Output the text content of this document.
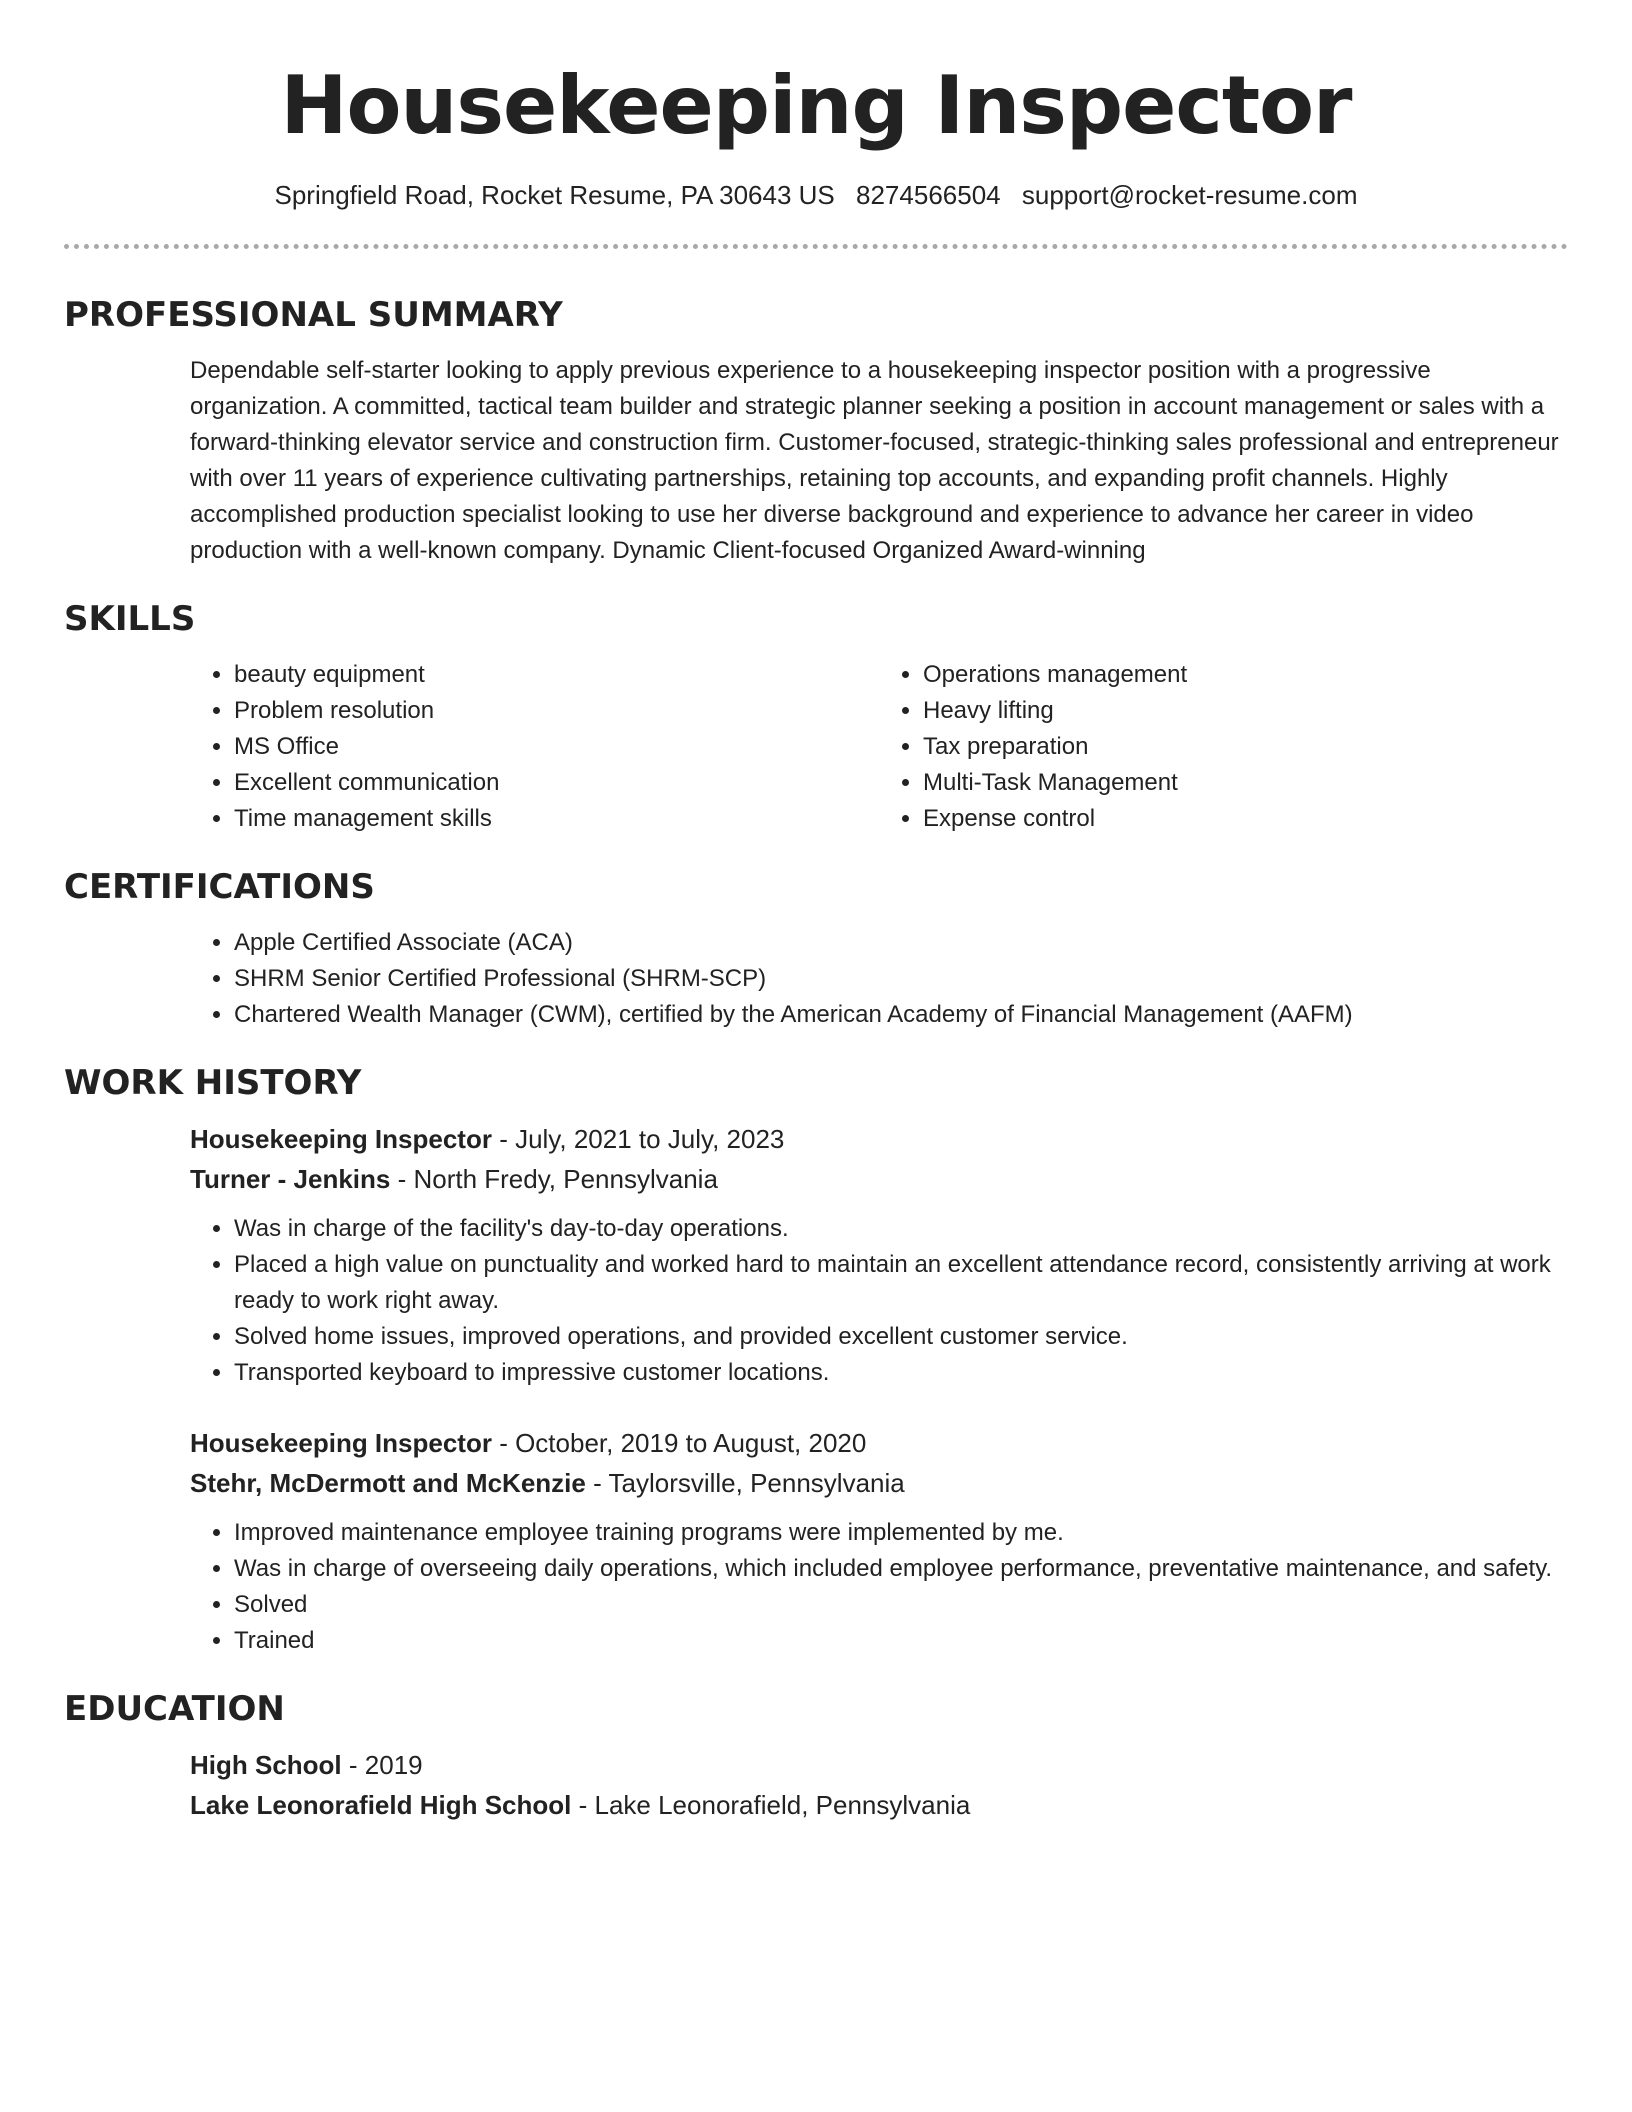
Housekeeping Inspector
Springfield Road, Rocket Resume, PA 30643 US 8274566504 support@rocket-resume.com
PROFESSIONAL SUMMARY
Dependable self-starter looking to apply previous experience to a housekeeping inspector position with a progressive organization. A committed, tactical team builder and strategic planner seeking a position in account management or sales with a forward-thinking elevator service and construction firm. Customer-focused, strategic-thinking sales professional and entrepreneur with over 11 years of experience cultivating partnerships, retaining top accounts, and expanding profit channels. Highly accomplished production specialist looking to use her diverse background and experience to advance her career in video production with a well-known company. Dynamic Client-focused Organized Award-winning
SKILLS
• beauty equipment
• Problem resolution
• MS Office
• Excellent communication
• Time management skills
• Operations management
• Heavy lifting
• Tax preparation
• Multi-Task Management
• Expense control
CERTIFICATIONS
• Apple Certified Associate (ACA)
• SHRM Senior Certified Professional (SHRM-SCP)
• Chartered Wealth Manager (CWM), certified by the American Academy of Financial Management (AAFM)
WORK HISTORY
Housekeeping Inspector - July, 2021 to July, 2023
Turner - Jenkins - North Fredy, Pennsylvania
• Was in charge of the facility's day-to-day operations.
• Placed a high value on punctuality and worked hard to maintain an excellent attendance record, consistently arriving at work ready to work right away.
• Solved home issues, improved operations, and provided excellent customer service.
• Transported keyboard to impressive customer locations.
Housekeeping Inspector - October, 2019 to August, 2020
Stehr, McDermott and McKenzie - Taylorsville, Pennsylvania
• Improved maintenance employee training programs were implemented by me.
• Was in charge of overseeing daily operations, which included employee performance, preventative maintenance, and safety.
• Solved
• Trained
EDUCATION
High School - 2019
Lake Leonorafield High School - Lake Leonorafield, Pennsylvania
